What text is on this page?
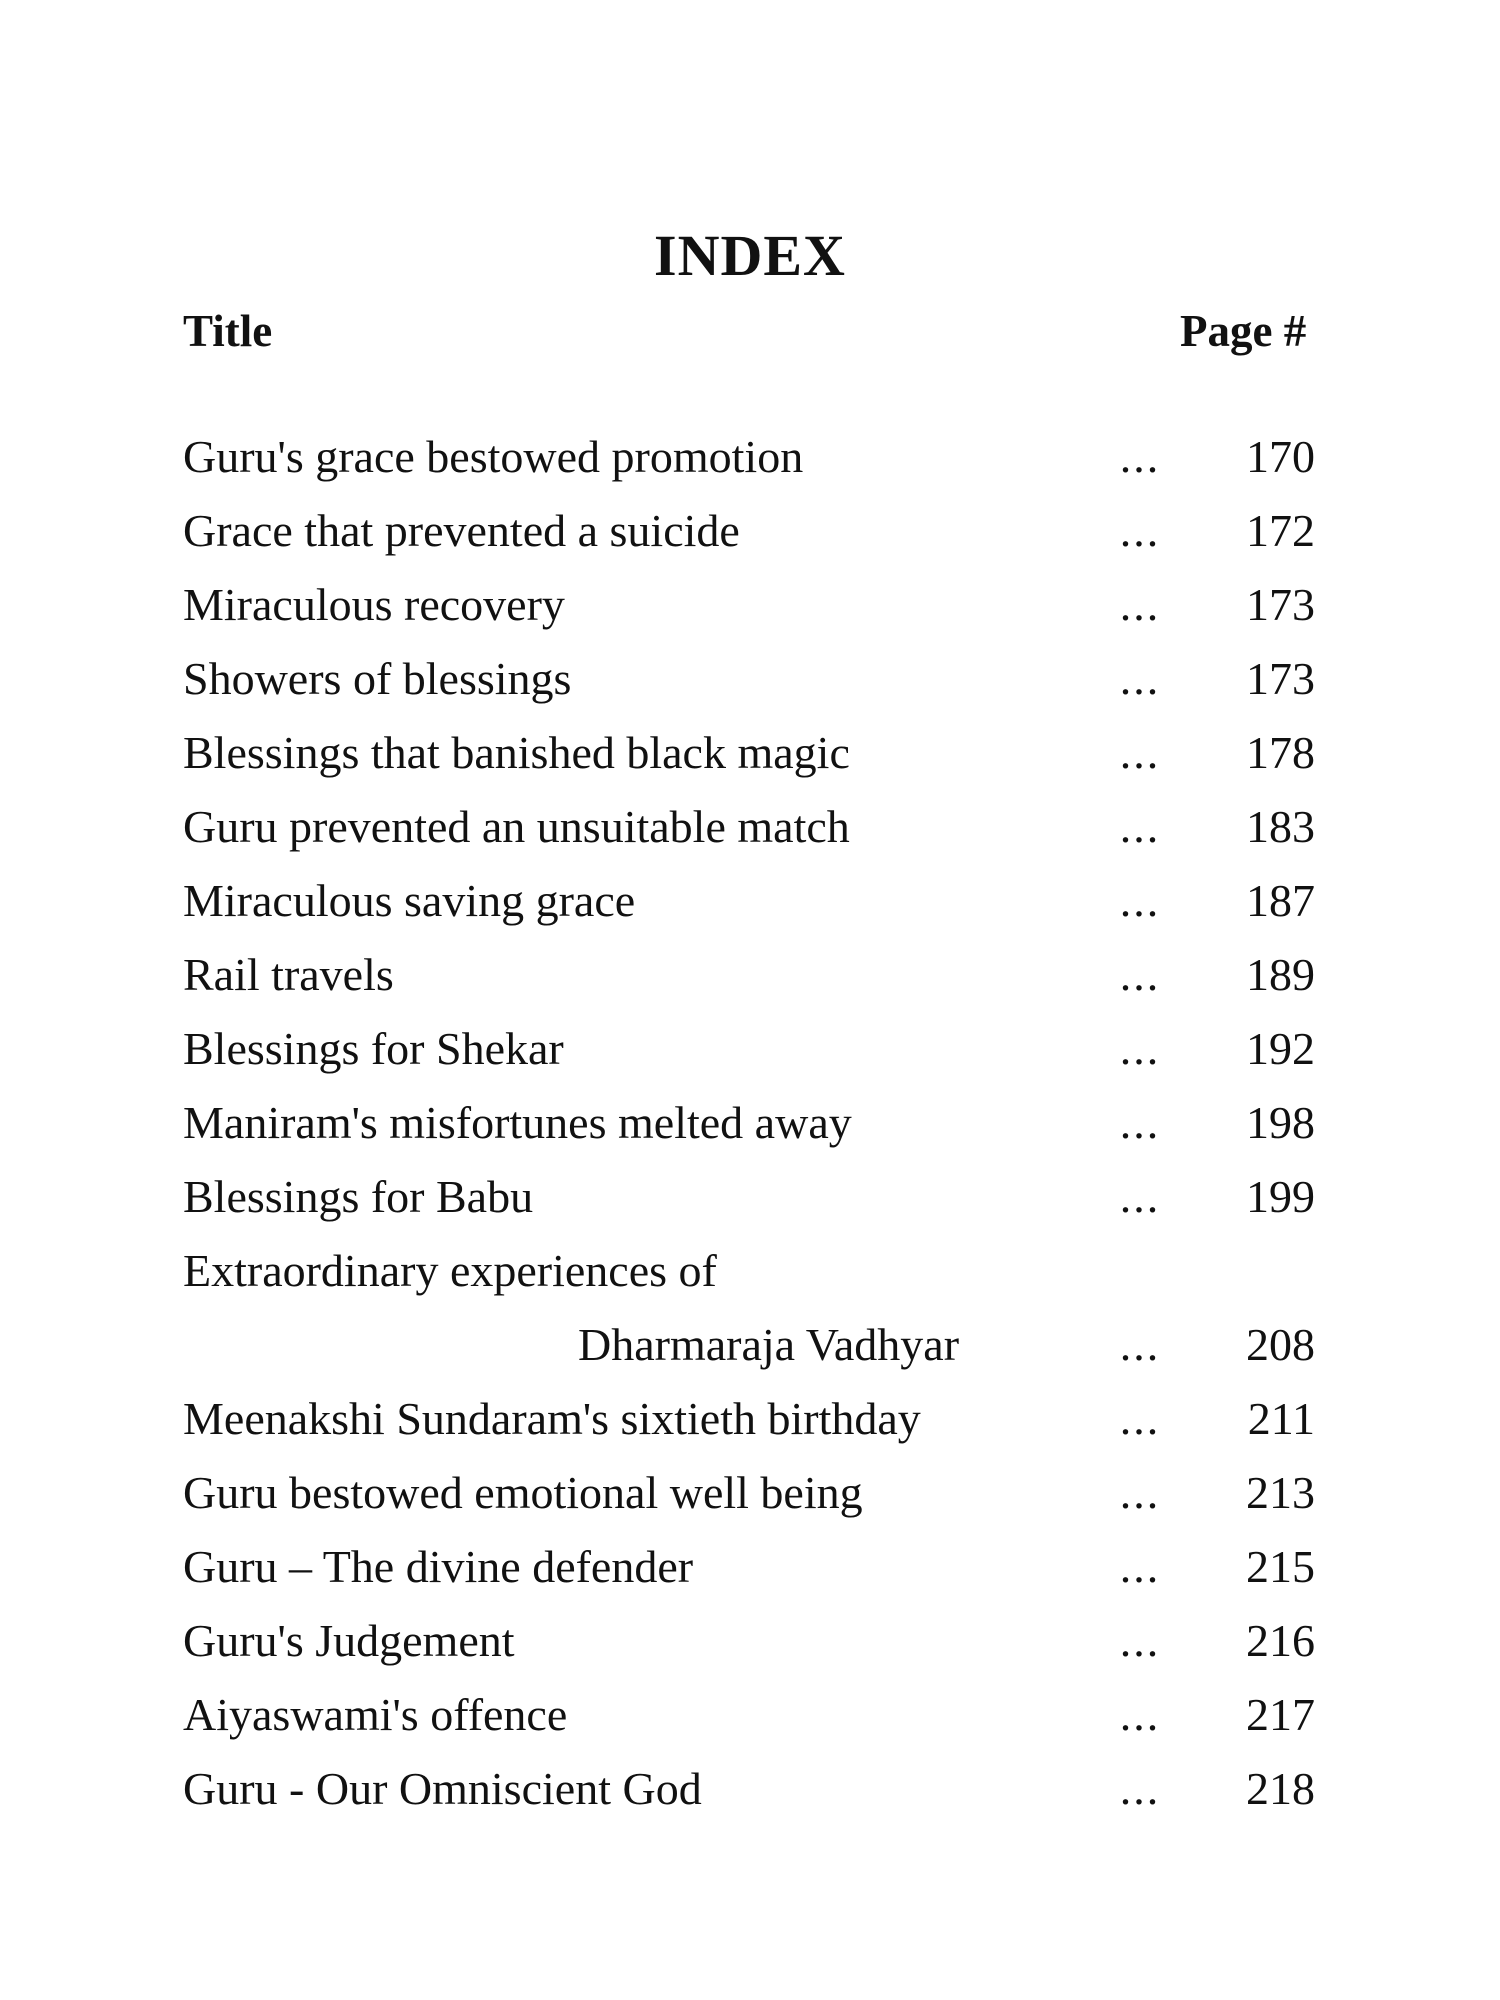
INDEX
Title	Page #
Guru's grace bestowed promotion	...	170
Grace that prevented a suicide	...	172
Miraculous recovery	...	173
Showers of blessings	...	173
Blessings that banished black magic	...	178
Guru prevented an unsuitable match	...	183
Miraculous saving grace	...	187
Rail travels	...	189
Blessings for Shekar	...	192
Maniram's misfortunes melted away	...	198
Blessings for Babu	...	199
Extraordinary experiences of
Dharmaraja Vadhyar	...	208
Meenakshi Sundaram's sixtieth birthday	...	211
Guru bestowed emotional well being	...	213
Guru – The divine defender	...	215
Guru's Judgement	...	216
Aiyaswami's offence	...	217
Guru - Our Omniscient God	...	218
